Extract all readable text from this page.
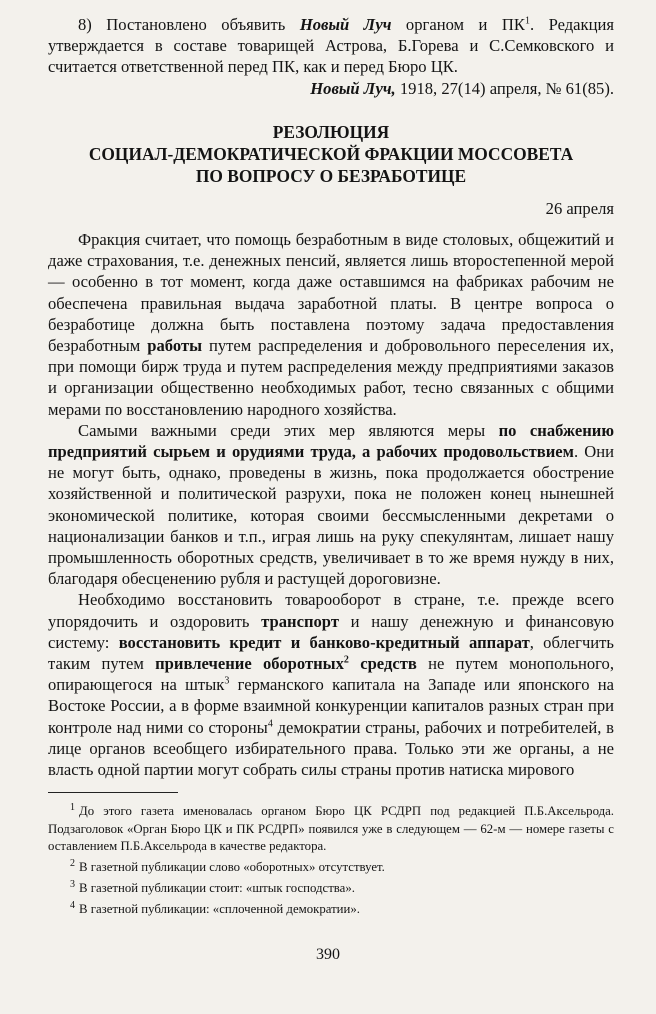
8) Постановлено объявить Новый Луч органом и $ПК^1$. Редакция утверждается в составе товарищей Астрова, Б.Горева и С.Семковского и считается ответственной перед ПК, как и перед Бюро ЦК.

Новый Луч, 1918, 27(14) апреля, № 61(85).

РЕЗОЛЮЦИЯ
СОЦИАЛ-ДЕМОКРАТИЧЕСКОЙ ФРАКЦИИ МОССОВЕТА
ПО ВОПРОСУ О БЕЗРАБОТИЦЕ

26 апреля

Фракция считает, что помощь безработным в виде столовых, общежитий и даже страхования, т.е. денежных пенсий, является лишь второстепенной мерой — особенно в тот момент, когда даже оставшимся на фабриках рабочим не обеспечена правильная выдача заработной платы. В центре вопроса о безработице должна быть поставлена поэтому задача предоставления безработным работы путем распределения и добровольного переселения их, при помощи бирж труда и путем распределения между предприятиями заказов и организации общественно необходимых работ, тесно связанных с общими мерами по восстановлению народного хозяйства.

Самыми важными среди этих мер являются меры по снабжению предприятий сырьем и орудиями труда, а рабочих продовольствием. Они не могут быть, однако, проведены в жизнь, пока продолжается обострение хозяйственной и политической разрухи, пока не положен конец нынешней экономической политике, которая своими бессмысленными декретами о национализации банков и т.п., играя лишь на руку спекулянтам, лишает нашу промышленность оборотных средств, увеличивает в то же время нужду в них, благодаря обесценению рубля и растущей дороговизне.

Необходимо восстановить товарооборот в стране, т.е. прежде всего упорядочить и оздоровить транспорт и нашу денежную и финансовую систему: восстановить кредит и банково-кредитный аппарат, облегчить таким путем привлечение оборотных$^2$ средств не путем монопольного, опирающегося на штык$^3$ германского капитала на Западе или японского на Востоке России, а в форме взаимной конкуренции капиталов разных стран при контроле над ними со стороны$^4$ демократии страны, рабочих и потребителей, в лице органов всеобщего избирательного права. Только эти же органы, а не власть одной партии могут собрать силы страны против натиска мирового

$^1$ До этого газета именовалась органом Бюро ЦК РСДРП под редакцией П.Б.Аксельрода. Подзаголовок «Орган Бюро ЦК и ПК РСДРП» появился уже в следующем — 62-м — номере газеты с оставлением П.Б.Аксельрода в качестве редактора.

$^2$ В газетной публикации слово «оборотных» отсутствует.

$^3$ В газетной публикации стоит: «штык господства».

$^4$ В газетной публикации: «сплоченной демократии».

390
